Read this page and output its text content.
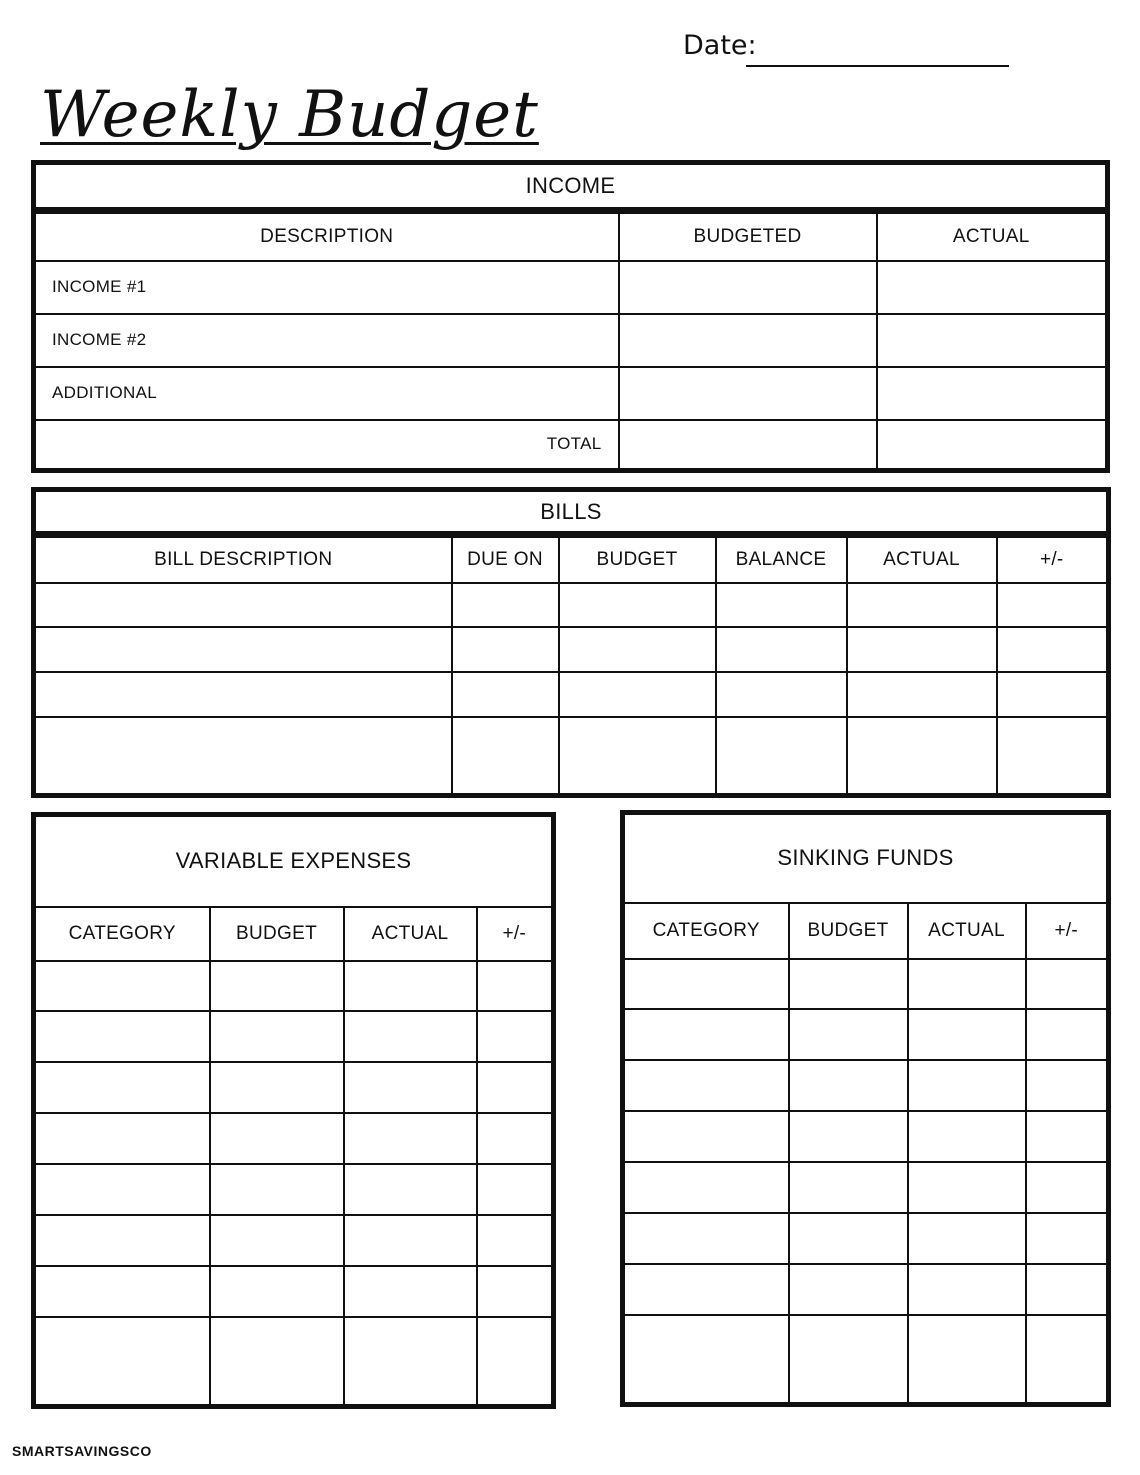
Date:
Weekly Budget
INCOME		
DESCRIPTION	BUDGETED	ACTUAL
INCOME #1		
INCOME #2		
ADDITIONAL		
TOTAL		
BILLS					
BILL DESCRIPTION	DUE ON	BUDGET	BALANCE	ACTUAL	+/-

VARIABLE EXPENSES			
CATEGORY	BUDGET	ACTUAL	+/-

SINKING FUNDS			
CATEGORY	BUDGET	ACTUAL	+/-

SMARTSAVINGSCO
